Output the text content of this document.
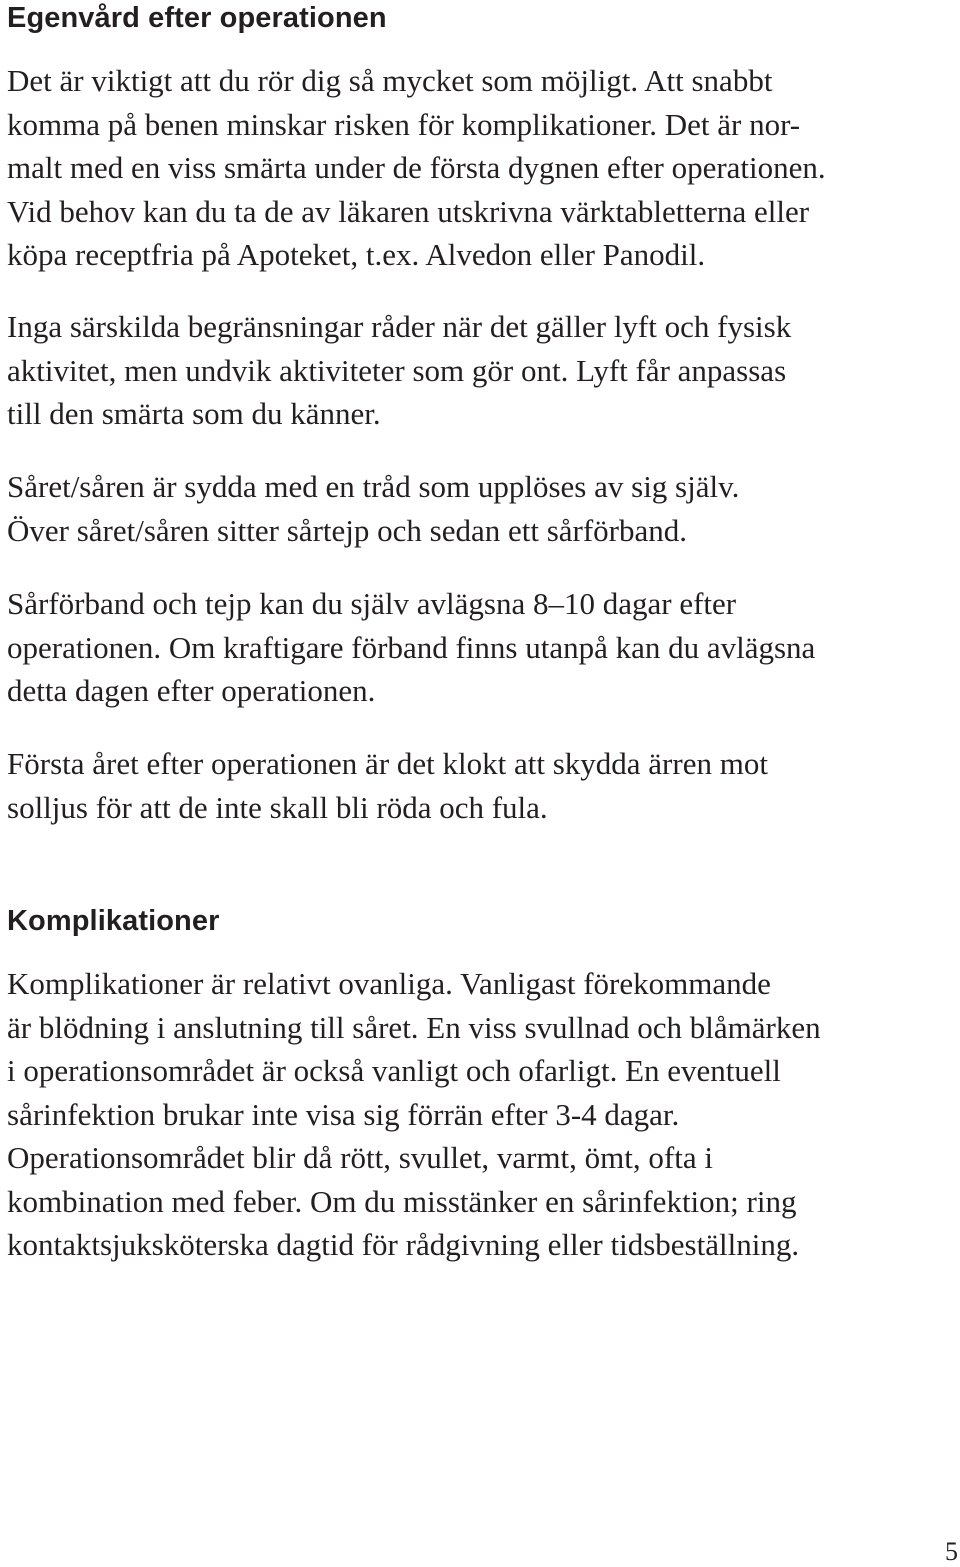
Egenvård efter operationen

Det är viktigt att du rör dig så mycket som möjligt. Att snabbt
komma på benen minskar risken för komplikationer. Det är nor-
malt med en viss smärta under de första dygnen efter operationen.
Vid behov kan du ta de av läkaren utskrivna värktabletterna eller
köpa receptfria på Apoteket, t.ex. Alvedon eller Panodil.

Inga särskilda begränsningar råder när det gäller lyft och fysisk
aktivitet, men undvik aktiviteter som gör ont. Lyft får anpassas
till den smärta som du känner.

Såret/såren är sydda med en tråd som upplöses av sig själv.
Över såret/såren sitter sårtejp och sedan ett sårförband.

Sårförband och tejp kan du själv avlägsna 8–10 dagar efter
operationen. Om kraftigare förband finns utanpå kan du avlägsna
detta dagen efter operationen.

Första året efter operationen är det klokt att skydda ärren mot
solljus för att de inte skall bli röda och fula.

Komplikationer

Komplikationer är relativt ovanliga. Vanligast förekommande
är blödning i anslutning till såret. En viss svullnad och blåmärken
i operationsområdet är också vanligt och ofarligt. En eventuell
sårinfektion brukar inte visa sig förrän efter 3-4 dagar.
Operationsområdet blir då rött, svullet, varmt, ömt, ofta i
kombination med feber. Om du misstänker en sårinfektion; ring
kontaktsjuksköterska dagtid för rådgivning eller tidsbeställning.

5
